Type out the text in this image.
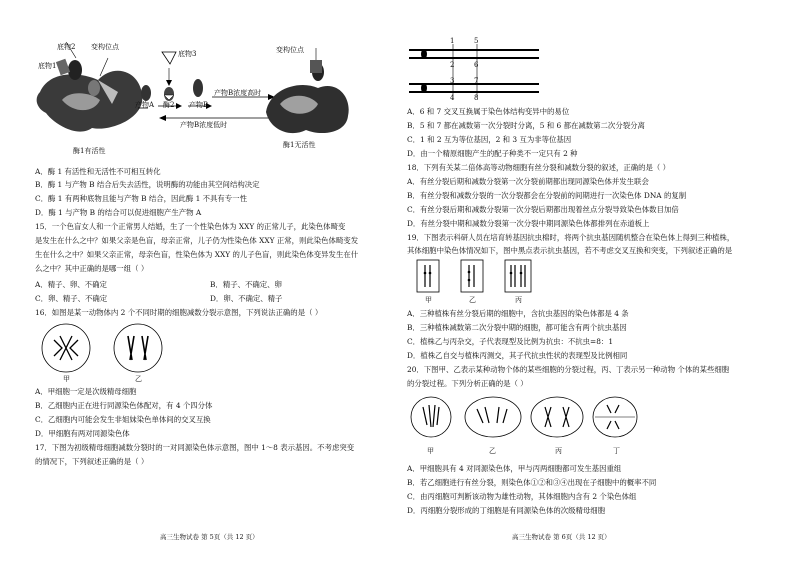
底物2 变构位点
底物3	变构位点
底物1
产物A 酶2 产物B
产物B浓度高时
产物B浓度低时
酶1有活性
酶1无活性
A．酶 1 有活性和无活性不可相互转化
B．酶 1 与产物 B 结合后失去活性，说明酶的功能由其空间结构决定
C．酶 1 有两种底物且能与产物 B 结合，因此酶 1 不具有专一性
D．酶 1 与产物 B 的结合可以促进细胞产生产物 A
15．一个色盲女人和一个正常男人结婚，生了一个性染色体为 XXY 的正常儿子，此染色体畸变
是发生在什么之中？如果父亲是色盲，母亲正常，儿子仍为性染色体 XXY 正常，则此染色体畸变发
生在什么之中？如果父亲正常，母亲色盲，性染色体为 XXY 的儿子色盲，则此染色体变异发生在什
么之中？其中正确的是哪一组（ ）
A．精子、卵、不确定	B．精子、不确定、卵
C．卵、精子、不确定	D．卵、不确定、精子
16．如图是某一动物体内 2 个不同时期的细胞减数分裂示意图，下列说法正确的是（ ）
甲	乙
A．甲细胞一定是次级精母细胞
B．乙细胞内正在进行同源染色体配对，有 4 个四分体
C．乙细胞内可能会发生非姐妹染色单体间的交叉互换
D．甲细胞有两对同源染色体
17．下图为初级精母细胞减数分裂时的一对同源染色体示意图，图中 1～8 表示基因。不考虑突变
的情况下，下列叙述正确的是（ ）
高三生物试卷 第 5页（共 12 页）
1	5
2	6
3	7
4	8
A．6 和 7 交叉互换属于染色体结构变异中的易位
B．5 和 7 都在减数第一次分裂时分离，5 和 6 都在减数第二次分裂分离
C．1 和 2 互为等位基因，2 和 3 互为非等位基因
D．由一个精原细胞产生的配子种类不一定只有 2 种
18．下列有关某二倍体高等动物细胞有丝分裂和减数分裂的叙述，正确的是（ ）
A．有丝分裂后期和减数分裂第一次分裂前期都出现同源染色体并发生联会
B．有丝分裂和减数分裂的一次分裂都会在分裂前的间期进行一次染色体 DNA 的复制
C．有丝分裂后期和减数分裂第一次分裂后期都出现着丝点分裂导致染色体数目加倍
D．有丝分裂中期和减数分裂第一次分裂中期同源染色体都排列在赤道板上
19．下图表示科研人员在培育转基因抗虫棉时，将两个抗虫基因随机整合在染色体上得到三种植株，
其体细胞中染色体情况如下，图中黑点表示抗虫基因，若不考虑交叉互换和突变，下列叙述正确的是
甲	乙	丙
A．三种植株有丝分裂后期的细胞中，含抗虫基因的染色体都是 4 条
B．三种植株减数第二次分裂中期的细胞，都可能含有两个抗虫基因
C．植株乙与丙杂交，子代表现型及比例为抗虫：不抗虫=8：1
D．植株乙自交与植株丙测交，其子代抗虫性状的表现型及比例相同
20．下图甲、乙表示某种动物个体的某些细胞的分裂过程，丙、丁表示另一种动物 个体的某些细胞
的分裂过程。下列分析正确的是（ ）
甲	乙	丙	丁
A．甲细胞具有 4 对同源染色体，甲与丙两细胞都可发生基因重组
B．若乙细胞进行有丝分裂，则染色体①②和③④出现在子细胞中的概率不同
C．由丙细胞可判断该动物为雄性动物，其体细胞内含有 2 个染色体组
D．丙细胞分裂形成的丁细胞是有同源染色体的次级精母细胞
高三生物试卷 第 6页（共 12 页）
